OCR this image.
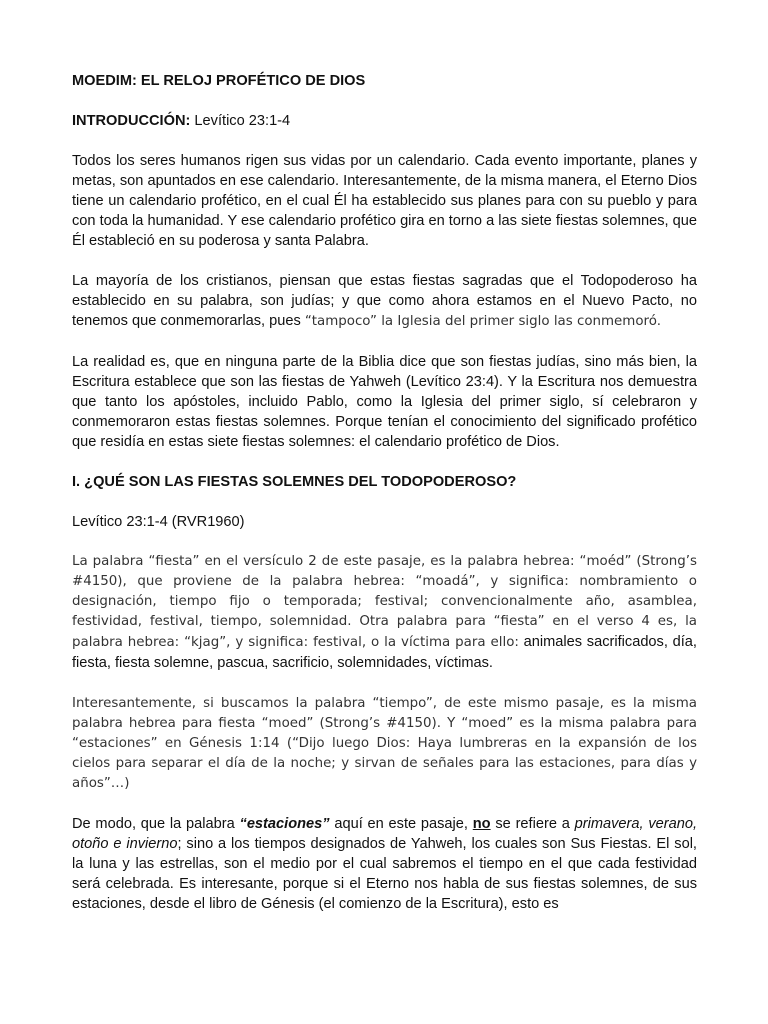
MOEDIM: EL RELOJ PROFÉTICO DE DIOS
INTRODUCCIÓN: Levítico 23:1-4

Todos los seres humanos rigen sus vidas por un calendario. Cada evento importante, planes y metas, son apuntados en ese calendario. Interesantemente, de la misma manera, el Eterno Dios tiene un calendario profético, en el cual Él ha establecido sus planes para con su pueblo y para con toda la humanidad. Y ese calendario profético gira en torno a las siete fiestas solemnes, que Él estableció en su poderosa y santa Palabra.

La mayoría de los cristianos, piensan que estas fiestas sagradas que el Todopoderoso ha establecido en su palabra, son judías; y que como ahora estamos en el Nuevo Pacto, no tenemos que conmemorarlas, pues “tampoco” la Iglesia del primer siglo las conmemoró.

La realidad es, que en ninguna parte de la Biblia dice que son fiestas judías, sino más bien, la Escritura establece que son las fiestas de Yahweh (Levítico 23:4). Y la Escritura nos demuestra que tanto los apóstoles, incluido Pablo, como la Iglesia del primer siglo, sí celebraron y conmemoraron estas fiestas solemnes. Porque tenían el conocimiento del significado profético que residía en estas siete fiestas solemnes: el calendario profético de Dios.

I. ¿QUÉ SON LAS FIESTAS SOLEMNES DEL TODOPODEROSO?
Levítico 23:1-4 (RVR1960)

La palabra “fiesta” en el versículo 2 de este pasaje, es la palabra hebrea: “moéd” (Strong’s #4150), que proviene de la palabra hebrea: “moadá”, y significa: nombramiento o designación, tiempo fijo o temporada; festival; convencionalmente año, asamblea, festividad, festival, tiempo, solemnidad. Otra palabra para “fiesta” en el verso 4 es, la palabra hebrea: “kjag”, y significa: festival, o la víctima para ello: animales sacrificados, día, fiesta, fiesta solemne, pascua, sacrificio, solemnidades, víctimas.

Interesantemente, si buscamos la palabra “tiempo”, de este mismo pasaje, es la misma palabra hebrea para fiesta “moed” (Strong’s #4150). Y “moed” es la misma palabra para “estaciones” en Génesis 1:14 (“Dijo luego Dios: Haya lumbreras en la expansión de los cielos para separar el día de la noche; y sirvan de señales para las estaciones, para días y años”…)

De modo, que la palabra “estaciones” aquí en este pasaje, no se refiere a primavera, verano, otoño e invierno; sino a los tiempos designados de Yahweh, los cuales son Sus Fiestas. El sol, la luna y las estrellas, son el medio por el cual sabremos el tiempo en el que cada festividad será celebrada. Es interesante, porque si el Eterno nos habla de sus fiestas solemnes, de sus estaciones, desde el libro de Génesis (el comienzo de la Escritura), esto es
